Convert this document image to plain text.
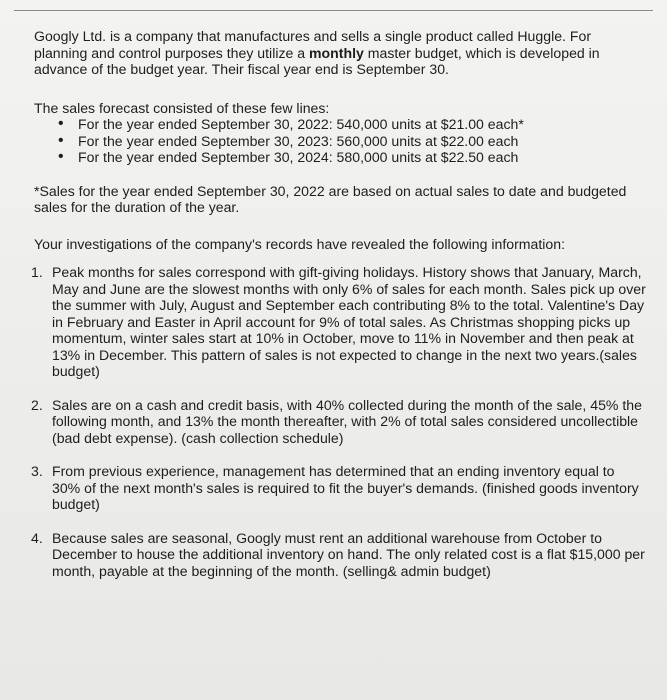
Googly Ltd. is a company that manufactures and sells a single product called Huggle. For planning and control purposes they utilize a monthly master budget, which is developed in advance of the budget year. Their fiscal year end is September 30.

The sales forecast consisted of these few lines:

• For the year ended September 30, 2022: 540,000 units at $21.00 each*
• For the year ended September 30, 2023: 560,000 units at $22.00 each
• For the year ended September 30, 2024: 580,000 units at $22.50 each

*Sales for the year ended September 30, 2022 are based on actual sales to date and budgeted sales for the duration of the year.

Your investigations of the company's records have revealed the following information:

1. Peak months for sales correspond with gift-giving holidays. History shows that January, March, May and June are the slowest months with only 6% of sales for each month. Sales pick up over the summer with July, August and September each contributing 8% to the total. Valentine's Day in February and Easter in April account for 9% of total sales. As Christmas shopping picks up momentum, winter sales start at 10% in October, move to 11% in November and then peak at 13% in December. This pattern of sales is not expected to change in the next two years.(sales budget)
2. Sales are on a cash and credit basis, with 40% collected during the month of the sale, 45% the following month, and 13% the month thereafter, with 2% of total sales considered uncollectible (bad debt expense). (cash collection schedule)
3. From previous experience, management has determined that an ending inventory equal to 30% of the next month's sales is required to fit the buyer's demands. (finished goods inventory budget)
4. Because sales are seasonal, Googly must rent an additional warehouse from October to December to house the additional inventory on hand. The only related cost is a flat $15,000 per month, payable at the beginning of the month. (selling& admin budget)
